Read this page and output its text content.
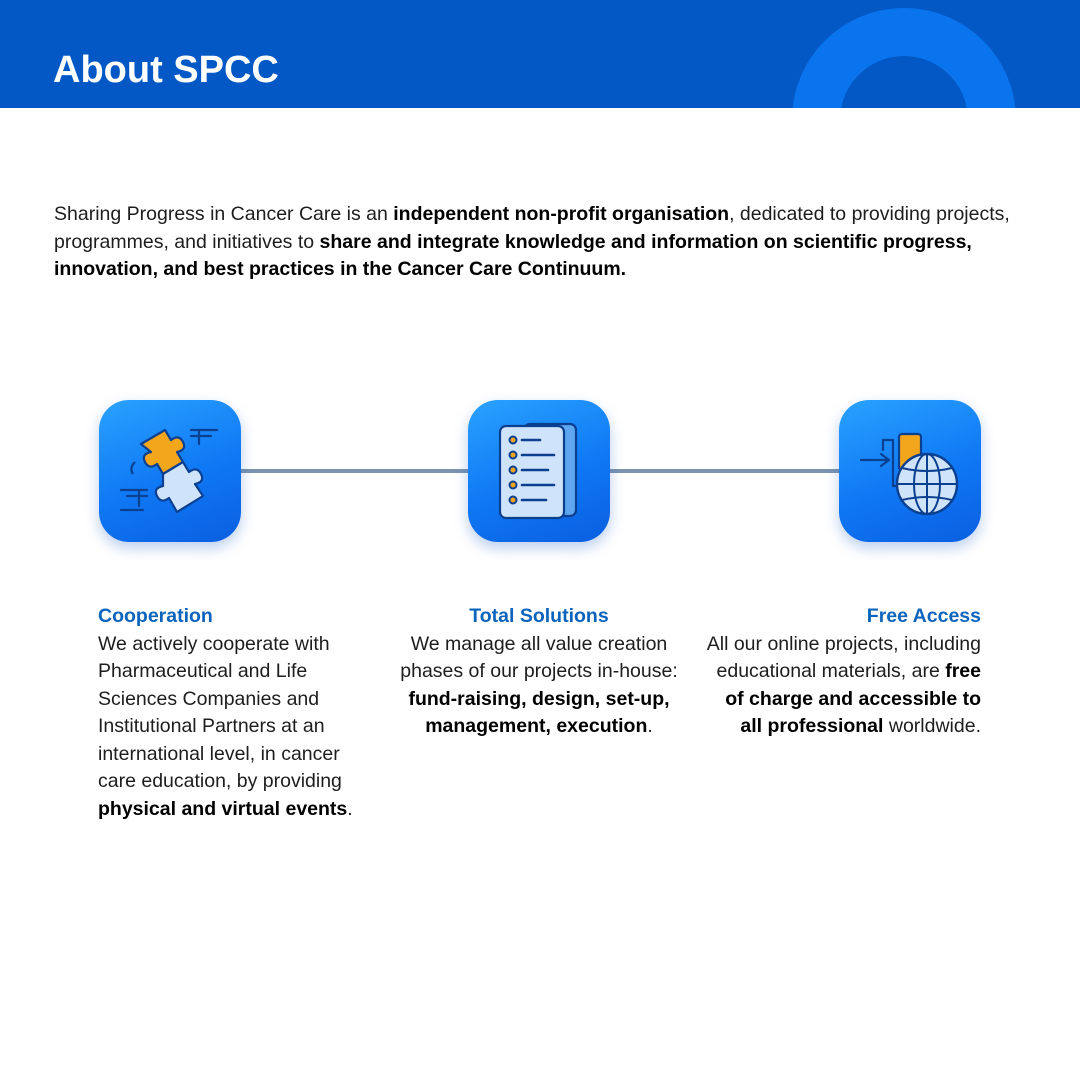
About SPCC

Sharing Progress in Cancer Care is an independent non-profit organisation, dedicated to providing projects, programmes, and initiatives to share and integrate knowledge and information on scientific progress, innovation, and best practices in the Cancer Care Continuum.

Cooperation
We actively cooperate with Pharmaceutical and Life Sciences Companies and Institutional Partners at an international level, in cancer care education, by providing physical and virtual events.
Total Solutions
We manage all value creation phases of our projects in-house: fund-raising, design, set-up, management, execution.
Free Access
All our online projects, including educational materials, are free of charge and accessible to all professional worldwide.
